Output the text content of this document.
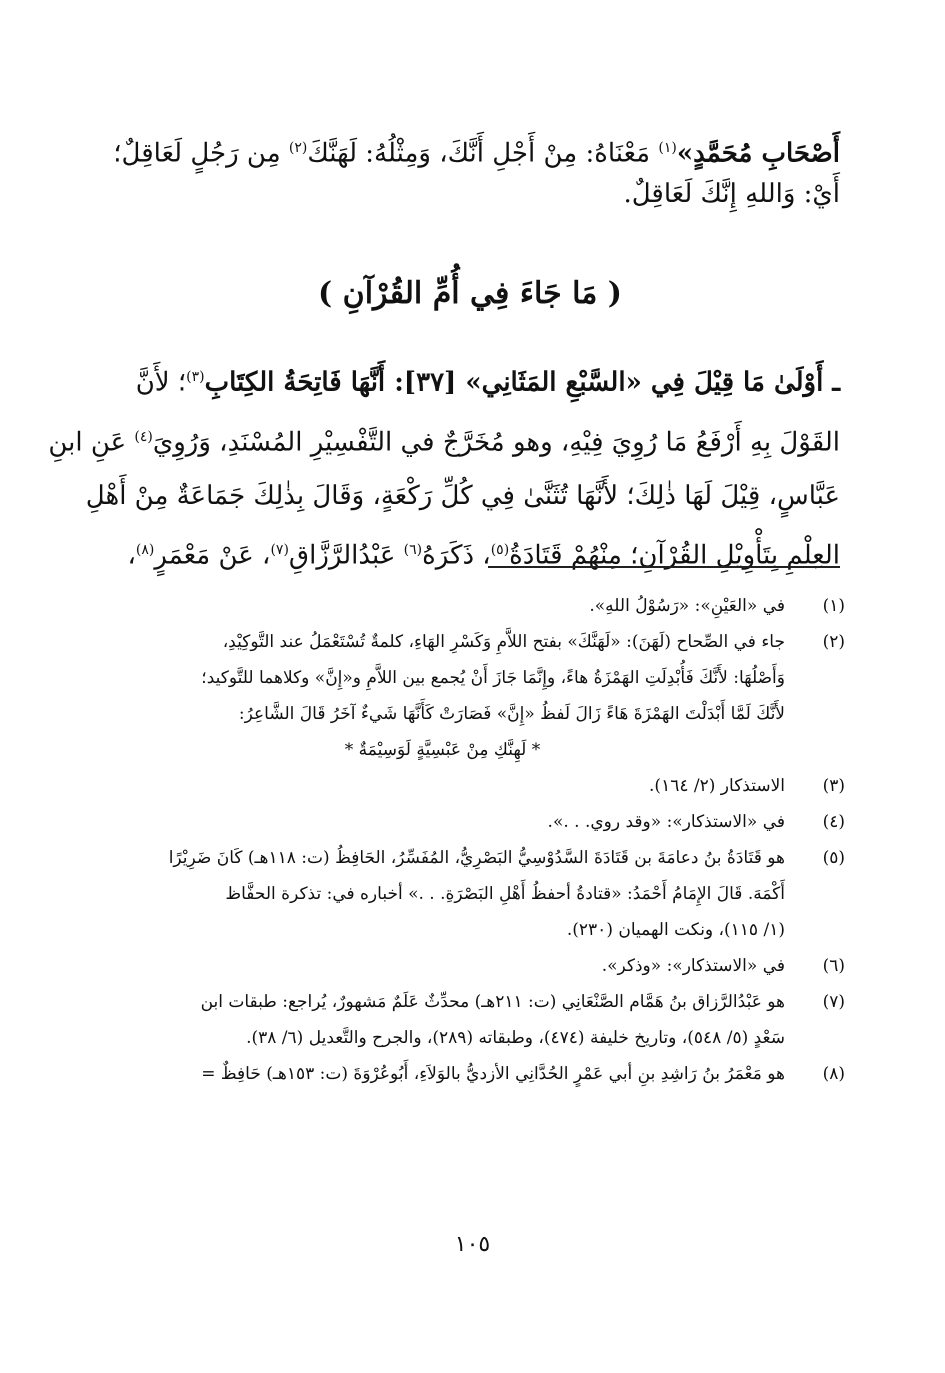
أَصْحَابِ مُحَمَّدٍ»$^{(١)}$ مَعْنَاهُ: مِنْ أَجْلِ أَنَّكَ، وَمِثْلُهُ: لَهَنَّكَ$^{(٢)}$ مِن رَجُلٍ لَعَاقِلٌ؛

أَيْ: وَاللهِ إِنَّكَ لَعَاقِلٌ.

( مَا جَاءَ فِي أُمِّ القُرْآنِ )

ـ أَوْلَىٰ مَا قِيْلَ فِي «السَّبْعِ المَثَانِي» [٣٧]: أَنَّهَا فَاتِحَةُ الكِتَابِ$^{(٣)}$؛ لأَنَّ

القَوْلَ بِهِ أَرْفَعُ مَا رُوِيَ فِيْهِ، وهو مُخَرَّجٌ في التَّفْسِيْرِ المُسْنَدِ، وَرُوِيَ$^{(٤)}$ عَنِ ابنِ

عَبَّاسٍ، قِيْلَ لَهَا ذٰلِكَ؛ لأَنَّهَا تُثَنَّىٰ فِي كُلِّ رَكْعَةٍ، وَقَالَ بِذٰلِكَ جَمَاعَةٌ مِنْ أَهْلِ

العِلْمِ بِتَأْوِيْلِ القُرْآنِ؛ مِنْهُمْ قَتَادَةُ$^{(٥)}$، ذَكَرَهُ$^{(٦)}$ عَبْدُالرَّزَّاقِ$^{(٧)}$، عَنْ مَعْمَرٍ$^{(٨)}$،

(١)
في «العَيْنِ»: «رَسُوْلُ اللهِ».
(٢)
جاء في الصِّحاح (لَهَنَ): «لَهَنَّكَ» بفتح اللاَّمِ وَكَسْرِ الهَاءِ، كلمةٌ تُسْتَعْمَلُ عند التَّوكِيْدِ،
وَأَصْلُهَا: لأَنَّكَ فَأُبْدِلَتِ الهَمْزَةُ هاءً، وإِنَّمَا جَازَ أَنْ يُجمع بين اللاَّمِ و«إِنَّ» وكلاهما للتَّوكيد؛
لأَنَّكَ لَمَّا أَبْدَلْتَ الهَمْزَةَ هَاءً زَالَ لَفظُ «إِنَّ» فَصَارَتْ كَأَنَّهَا شَيءٌ آخَرُ قَالَ الشَّاعِرُ:
* لَهِنَّكِ مِنْ عَبْسِيَّةٍ لَوَسِيْمَةٌ *
(٣)
الاستذكار (٢/ ١٦٤).
(٤)
في «الاستذكار»: «وقد روي. . .».
(٥)
هو قَتَادَةُ بنُ دعامَةَ بن قَتَادَةَ السَّدُوْسِيُّ البَصْرِيُّ، المُفَسِّرُ، الحَافِظُ (ت: ١١٨هـ) كَانَ ضَرِيْرًا
أَكْمَهَ. قَالَ الإِمَامُ أَحْمَدُ: «قتادةُ أحفظُ أَهْلِ البَصْرَةِ. . .» أخباره في: تذكرة الحفَّاظ
(١/ ١١٥)، ونكت الهميان (٢٣٠).
(٦)
في «الاستذكار»: «وذكر».
(٧)
هو عَبْدُالرَّزاق بنُ هَمَّام الصَّنْعَانِي (ت: ٢١١هـ) محدِّثٌ عَلَمٌ مَشهورٌ، يُراجع: طبقات ابن
سَعْدٍ (٥/ ٥٤٨)، وتاريخ خليفة (٤٧٤)، وطبقاته (٢٨٩)، والجرح والتَّعديل (٦/ ٣٨).
(٨)
هو مَعْمَرُ بنُ رَاشِدِ بنِ أبي عَمْرٍ الحُدَّانِي الأزديُّ بالوَلاَءِ، أَبُوعُرْوَةَ (ت: ١٥٣هـ) حَافِظٌ =
١٠٥
